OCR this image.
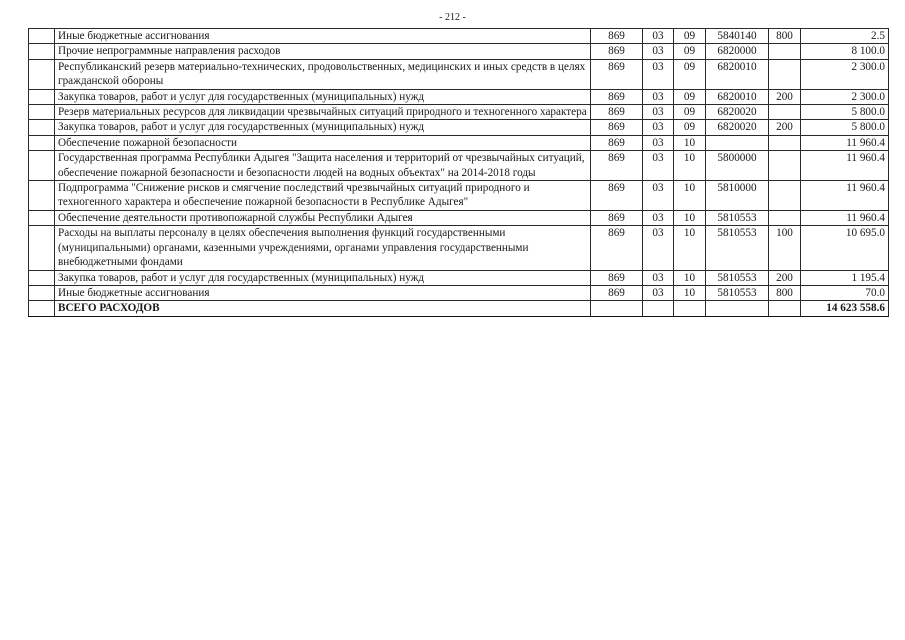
- 212 -
	Иные бюджетные ассигнования	869	03	09	5840140	800	2.5
	Прочие непрограммные направления расходов	869	03	09	6820000		8 100.0
	Республиканский резерв материально-технических, продовольственных, медицинских и иных средств в целях гражданской обороны	869	03	09	6820010		2 300.0
	Закупка товаров, работ и услуг для государственных (муниципальных) нужд	869	03	09	6820010	200	2 300.0
	Резерв материальных ресурсов для ликвидации чрезвычайных ситуаций природного и техногенного характера	869	03	09	6820020		5 800.0
	Закупка товаров, работ и услуг для государственных (муниципальных) нужд	869	03	09	6820020	200	5 800.0
	Обеспечение пожарной безопасности	869	03	10			11 960.4
	Государственная программа Республики Адыгея "Защита населения и территорий от чрезвычайных ситуаций, обеспечение пожарной безопасности и безопасности людей на водных объектах" на 2014-2018 годы	869	03	10	5800000		11 960.4
	Подпрограмма "Снижение рисков и смягчение последствий чрезвычайных ситуаций природного и техногенного характера и обеспечение пожарной безопасности в Республике Адыгея"	869	03	10	5810000		11 960.4
	Обеспечение деятельности противопожарной службы Республики Адыгея	869	03	10	5810553		11 960.4
	Расходы на выплаты персоналу в целях обеспечения выполнения функций государственными (муниципальными) органами, казенными учреждениями, органами управления государственными внебюджетными фондами	869	03	10	5810553	100	10 695.0
	Закупка товаров, работ и услуг для государственных (муниципальных) нужд	869	03	10	5810553	200	1 195.4
	Иные бюджетные ассигнования	869	03	10	5810553	800	70.0
	ВСЕГО РАСХОДОВ						14 623 558.6
